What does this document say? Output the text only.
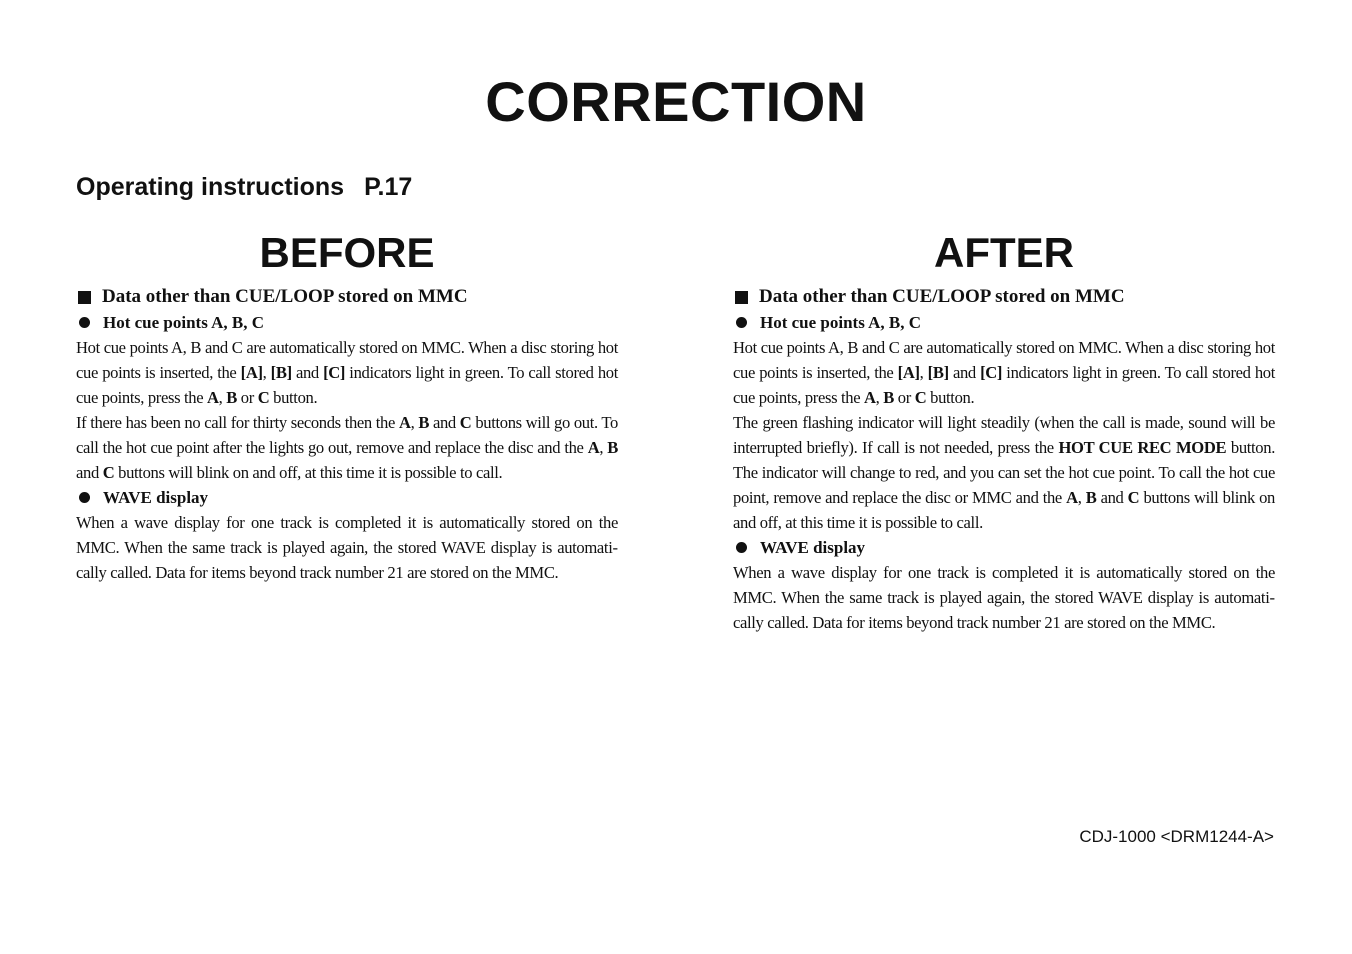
CORRECTION
Operating instructions P.17
BEFORE
Data other than CUE/LOOP stored on MMC
Hot cue points A, B, C

Hot cue points A, B and C are automatically stored on MMC. When a disc storing hot cue points is inserted, the [A], [B] and [C] indicators light in green. To call stored hot cue points, press the A, B or C button.

If there has been no call for thirty seconds then the A, B and C buttons will go out. To call the hot cue point after the lights go out, remove and replace the disc and the A, B and C buttons will blink on and off, at this time it is possible to call.

WAVE display

When a wave display for one track is completed it is automatically stored on the MMC. When the same track is played again, the stored WAVE display is automatically called. Data for items beyond track number 21 are stored on the MMC.

AFTER
Data other than CUE/LOOP stored on MMC
Hot cue points A, B, C

Hot cue points A, B and C are automatically stored on MMC. When a disc storing hot cue points is inserted, the [A], [B] and [C] indicators light in green. To call stored hot cue points, press the A, B or C button.

The green flashing indicator will light steadily (when the call is made, sound will be interrupted briefly). If call is not needed, press the HOT CUE REC MODE button. The indicator will change to red, and you can set the hot cue point. To call the hot cue point, remove and replace the disc or MMC and the A, B and C buttons will blink on and off, at this time it is possible to call.

WAVE display

When a wave display for one track is completed it is automatically stored on the MMC. When the same track is played again, the stored WAVE display is automatically called. Data for items beyond track number 21 are stored on the MMC.

CDJ-1000 <DRM1244-A>
